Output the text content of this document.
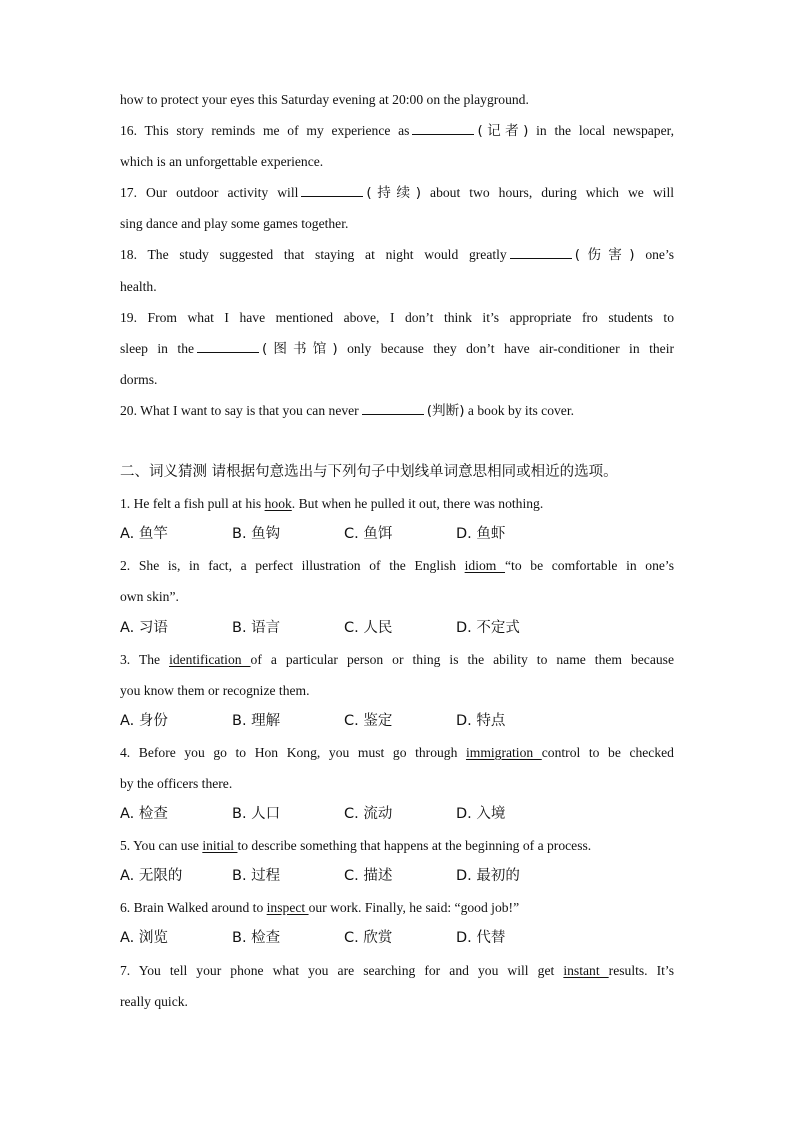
how to protect your eyes this Saturday evening at 20:00 on the playground.
16. This story reminds me of my experience as	(记者) in the local newspaper,
which is an unforgettable experience.
17. Our outdoor activity will	(持续) about two hours, during which we will
sing dance and play some games together.
18. The study suggested that staying at night would greatly	(伤害) one’s
health.
19. From what I have mentioned above, I don’t think it’s appropriate fro students to
sleep in the	(图书馆) only because they don’t have air-conditioner in their
dorms.
20. What I want to say is that you can never	(判断) a book by its cover.
二、词义猜测 请根据句意选出与下列句子中划线单词意思相同或相近的选项。
1. He felt a fish pull at his hook. But when he pulled it out, there was nothing.
A. 鱼竿	B. 鱼钩	C. 鱼饵	D. 鱼虾
2. She is, in fact, a perfect illustration of the English idiom “to be comfortable in one’s
own skin”.
A. 习语	B. 语言	C. 人民	D. 不定式
3. The identification of a particular person or thing is the ability to name them because
you know them or recognize them.
A. 身份	B. 理解	C. 鉴定	D. 特点
4. Before you go to Hon Kong, you must go through immigration control to be checked
by the officers there.
A. 检查	B. 人口	C. 流动	D. 入境
5. You can use initial to describe something that happens at the beginning of a process.
A. 无限的	B. 过程	C. 描述	D. 最初的
6. Brain Walked around to inspect our work. Finally, he said: “good job!”
A. 浏览	B. 检查	C. 欣赏	D. 代替
7. You tell your phone what you are searching for and you will get instant results. It’s
really quick.
